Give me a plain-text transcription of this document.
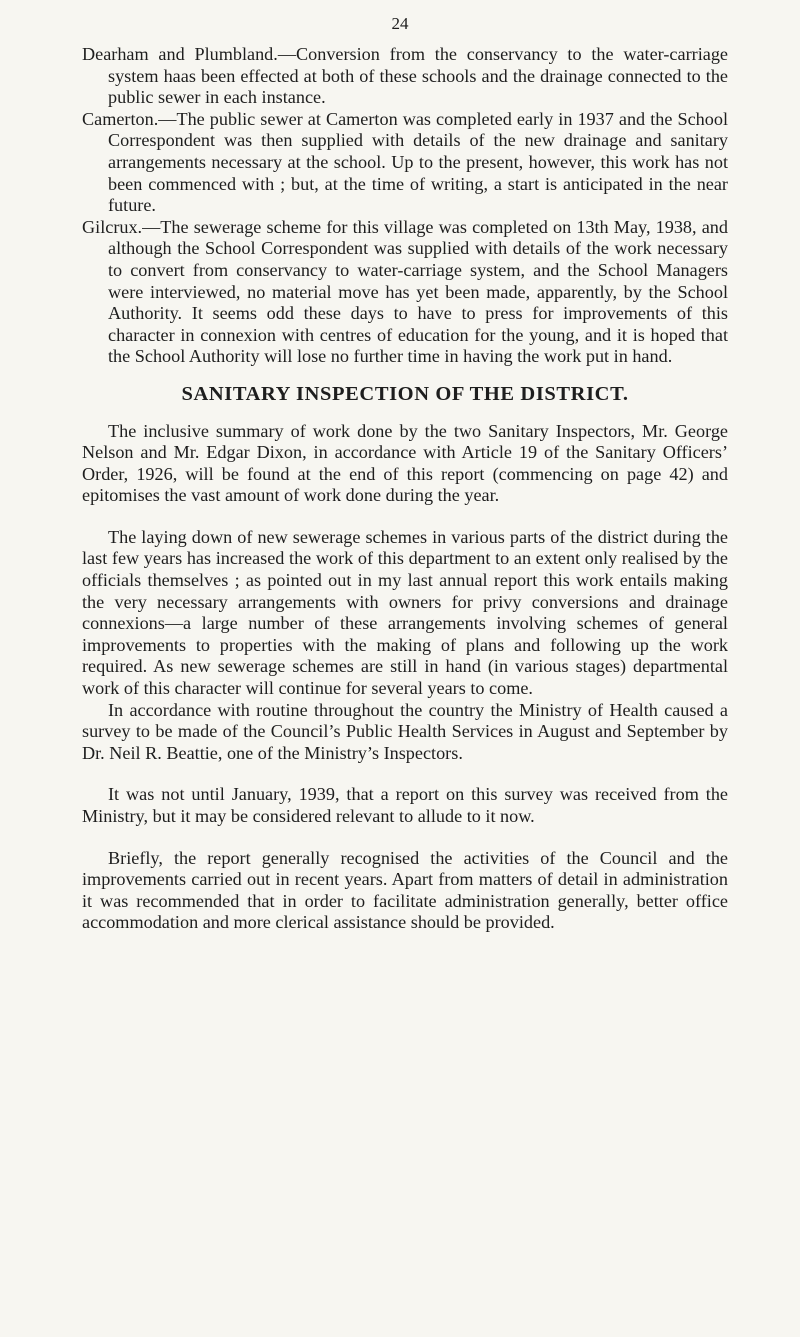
24

Dearham and Plumbland.—Conversion from the conservancy to the water-carriage system haas been effected at both of these schools and the drainage connected to the public sewer in each instance.

Camerton.—The public sewer at Camerton was completed early in 1937 and the School Correspondent was then supplied with details of the new drainage and sanitary arrangements necessary at the school. Up to the present, however, this work has not been commenced with ; but, at the time of writing, a start is anticipated in the near future.

Gilcrux.—The sewerage scheme for this village was completed on 13th May, 1938, and although the School Correspondent was supplied with details of the work necessary to convert from conservancy to water-carriage system, and the School Managers were interviewed, no material move has yet been made, apparently, by the School Authority. It seems odd these days to have to press for improvements of this character in connexion with centres of education for the young, and it is hoped that the School Authority will lose no further time in having the work put in hand.

SANITARY INSPECTION OF THE DISTRICT.

The inclusive summary of work done by the two Sanitary Inspectors, Mr. George Nelson and Mr. Edgar Dixon, in accordance with Article 19 of the Sanitary Officers’ Order, 1926, will be found at the end of this report (commencing on page 42) and epitomises the vast amount of work done during the year.

The laying down of new sewerage schemes in various parts of the district during the last few years has increased the work of this department to an extent only realised by the officials themselves ; as pointed out in my last annual report this work entails making the very necessary arrangements with owners for privy conversions and drainage connexions—a large number of these arrangements involving schemes of general improvements to properties with the making of plans and following up the work required. As new sewerage schemes are still in hand (in various stages) departmental work of this character will continue for several years to come.

In accordance with routine throughout the country the Ministry of Health caused a survey to be made of the Council’s Public Health Services in August and September by Dr. Neil R. Beattie, one of the Ministry’s Inspectors.

It was not until January, 1939, that a report on this survey was received from the Ministry, but it may be considered relevant to allude to it now.

Briefly, the report generally recognised the activities of the Council and the improvements carried out in recent years. Apart from matters of detail in administration it was recommended that in order to facilitate administration generally, better office accommodation and more clerical assistance should be provided.
